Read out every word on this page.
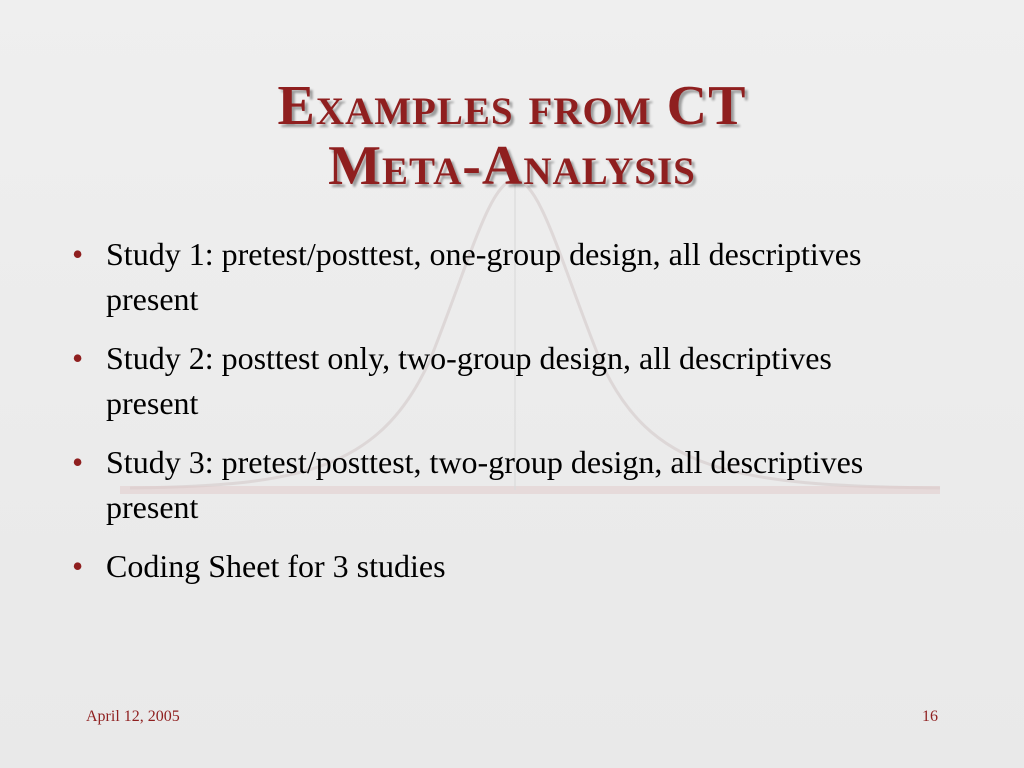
Examples from CT
Meta-Analysis
• Study 1: pretest/posttest, one-group design, all descriptives present
• Study 2: posttest only, two-group design, all descriptives present
• Study 3: pretest/posttest, two-group design, all descriptives present
• Coding Sheet for 3 studies
April 12, 2005	16
